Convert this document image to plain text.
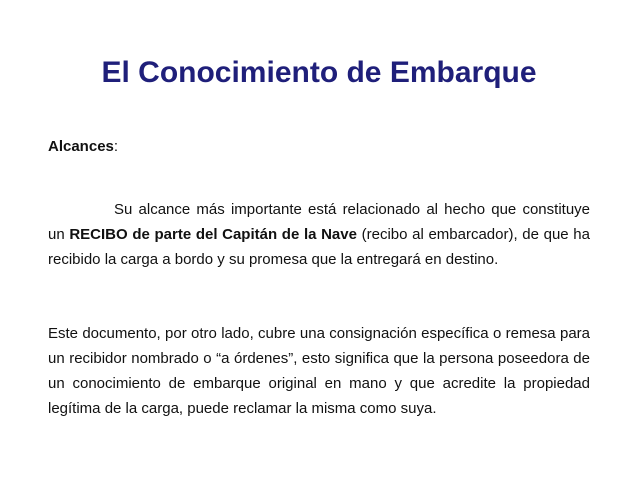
El Conocimiento de Embarque

Alcances:

Su alcance más importante está relacionado al hecho que constituye un RECIBO de parte del Capitán de la Nave (recibo al embarcador), de que ha recibido la carga a bordo y su promesa que la entregará en destino.

Este documento, por otro lado, cubre una consignación específica o remesa para un recibidor nombrado o “a órdenes”, esto significa que la persona poseedora de un conocimiento de embarque original en mano y que acredite la propiedad legítima de la carga, puede reclamar la misma como suya.
